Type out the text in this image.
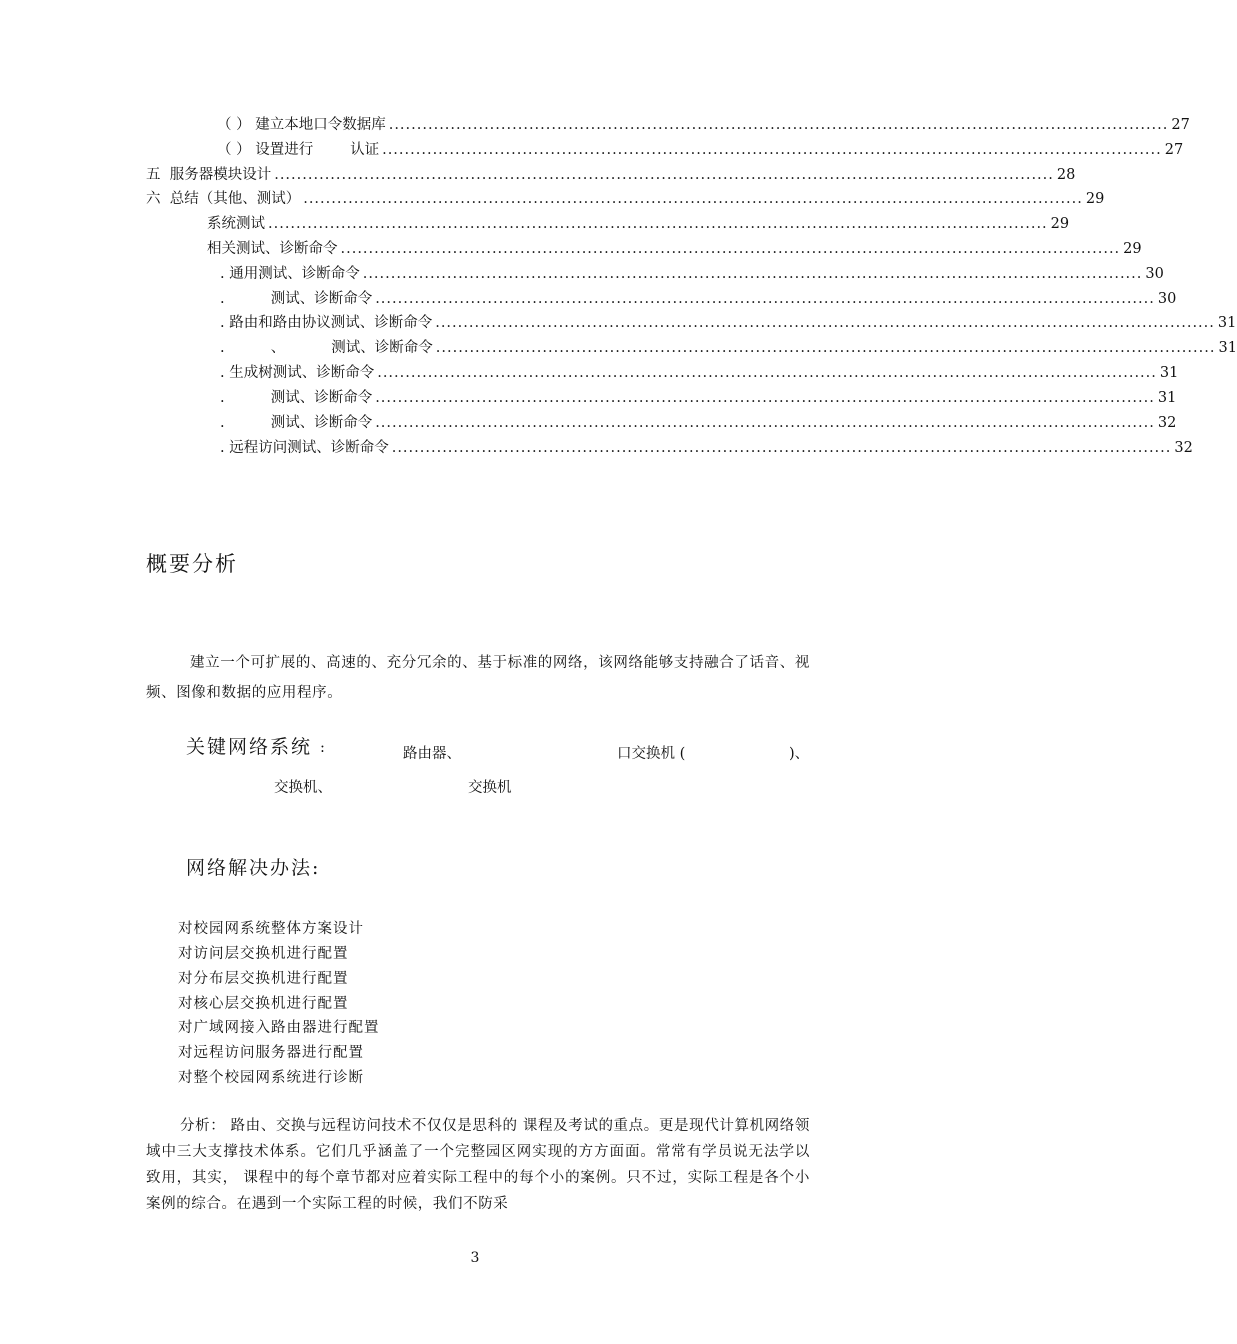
（ ） 建立本地口令数据库 ........................................................................................................................................... 27
（ ） 设置进行        认证 ........................................................................................................................................... 27
五  服务器模块设计 ........................................................................................................................................... 28
六  总结（其他、测试） ........................................................................................................................................... 29
系统测试 ........................................................................................................................................... 29
相关测试、诊断命令 ........................................................................................................................................... 29
. 通用测试、诊断命令 ........................................................................................................................................... 30
.          测试、诊断命令 ........................................................................................................................................... 30
. 路由和路由协议测试、诊断命令 ........................................................................................................................................... 31
.          、          测试、诊断命令 ........................................................................................................................................... 31
. 生成树测试、诊断命令 ........................................................................................................................................... 31
.          测试、诊断命令 ........................................................................................................................................... 31
.          测试、诊断命令 ........................................................................................................................................... 32
. 远程访问测试、诊断命令 ........................................................................................................................................... 32
概要分析
建立一个可扩展的、高速的、充分冗余的、基于标准的网络，该网络能够支持融合了话音、视频、图像和数据的应用程序。
关键网络系统 :	路由器、	口交换机 (	)、
交换机、	交换机
网络解决办法:
对校园网系统整体方案设计
对访问层交换机进行配置
对分布层交换机进行配置
对核心层交换机进行配置
对广域网接入路由器进行配置
对远程访问服务器进行配置
对整个校园网系统进行诊断
分析： 路由、交换与远程访问技术不仅仅是思科的 课程及考试的重点。更是现代计算机网络领域中三大支撑技术体系。它们几乎涵盖了一个完整园区网实现的方方面面。常常有学员说无法学以致用，其实， 课程中的每个章节都对应着实际工程中的每个小的案例。只不过，实际工程是各个小案例的综合。在遇到一个实际工程的时候，我们不防采
3
